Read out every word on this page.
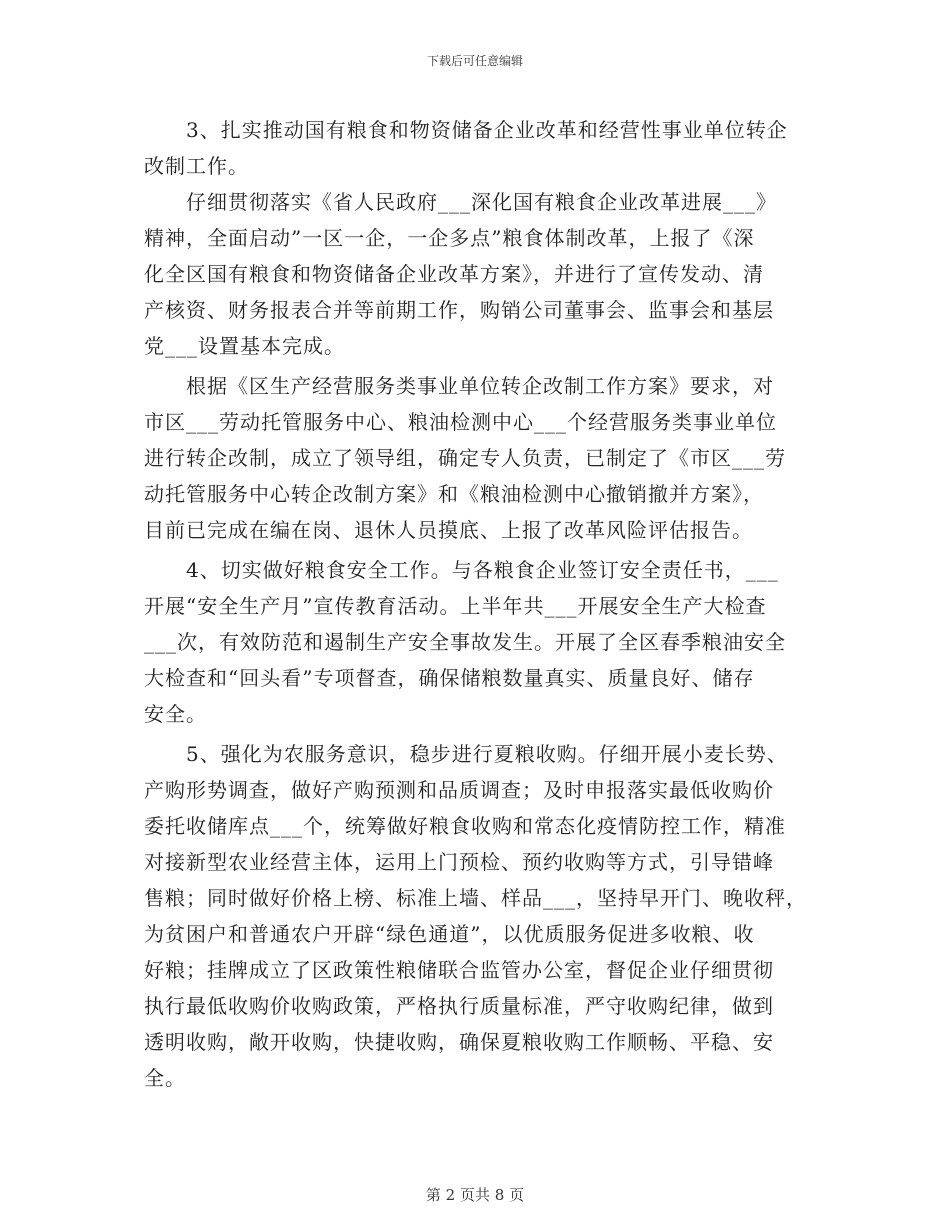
下载后可任意编辑
3、扎实推动国有粮食和物资储备企业改革和经营性事业单位转企
改制工作。
仔细贯彻落实《省人民政府___深化国有粮食企业改革进展___》
精神，全面启动”一区一企，一企多点”粮食体制改革，上报了《深
化全区国有粮食和物资储备企业改革方案》，并进行了宣传发动、清
产核资、财务报表合并等前期工作，购销公司董事会、监事会和基层
党___设置基本完成。
根据《区生产经营服务类事业单位转企改制工作方案》要求，对
市区___劳动托管服务中心、粮油检测中心___个经营服务类事业单位
进行转企改制，成立了领导组，确定专人负责，已制定了《市区___劳
动托管服务中心转企改制方案》和《粮油检测中心撤销撤并方案》，
目前已完成在编在岗、退休人员摸底、上报了改革风险评估报告。
4、切实做好粮食安全工作。与各粮食企业签订安全责任书，___
开展“安全生产月”宣传教育活动。上半年共___开展安全生产大检查
___次，有效防范和遏制生产安全事故发生。开展了全区春季粮油安全
大检查和“回头看”专项督查，确保储粮数量真实、质量良好、储存
安全。
5、强化为农服务意识，稳步进行夏粮收购。仔细开展小麦长势、
产购形势调查，做好产购预测和品质调查；及时申报落实最低收购价
委托收储库点___个，统筹做好粮食收购和常态化疫情防控工作，精准
对接新型农业经营主体，运用上门预检、预约收购等方式，引导错峰
售粮；同时做好价格上榜、标准上墙、样品___，坚持早开门、晚收秤，
为贫困户和普通农户开辟“绿色通道”，以优质服务促进多收粮、收
好粮；挂牌成立了区政策性粮储联合监管办公室，督促企业仔细贯彻
执行最低收购价收购政策，严格执行质量标准，严守收购纪律，做到
透明收购，敞开收购，快捷收购，确保夏粮收购工作顺畅、平稳、安
全。
第 2 页共 8 页
